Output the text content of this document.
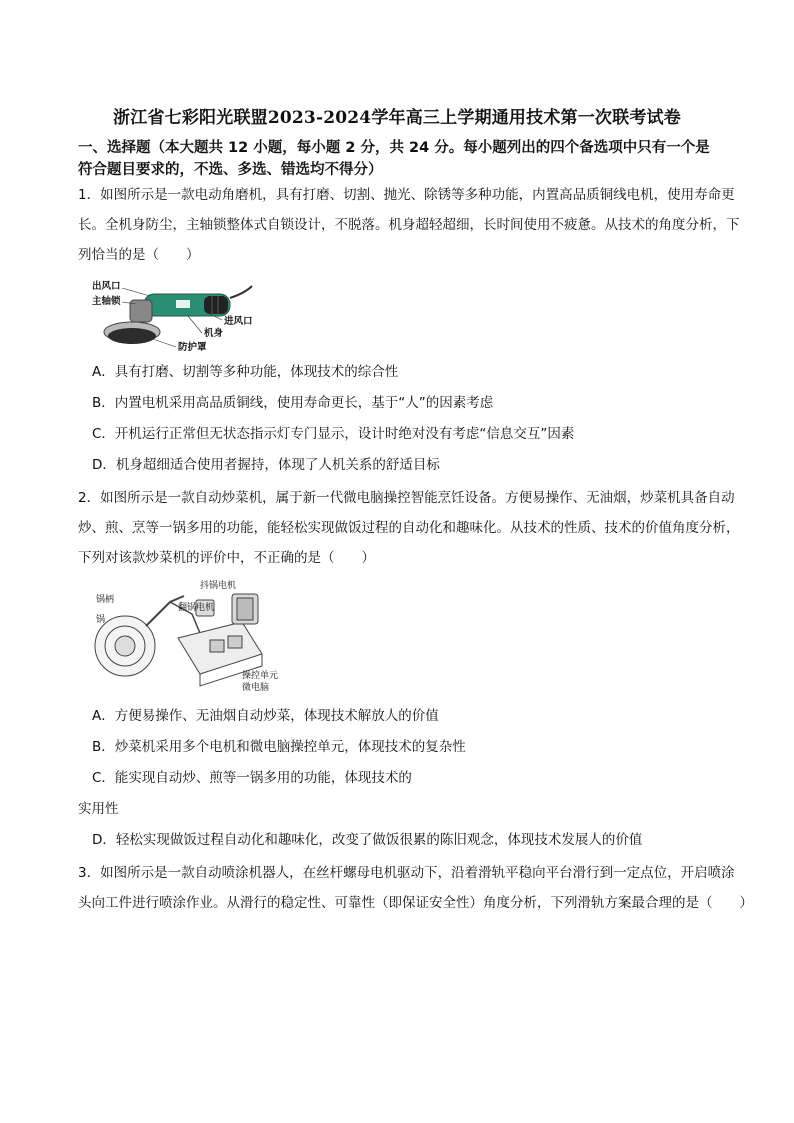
浙江省七彩阳光联盟2023-2024学年高三上学期通用技术第一次联考试卷
一、选择题（本大题共 12 小题，每小题 2 分，共 24 分。每小题列出的四个备选项中只有一个是
符合题目要求的，不选、多选、错选均不得分）
1．如图所示是一款电动角磨机，具有打磨、切割、抛光、除锈等多种功能，内置高品质铜线电机，使用寿命更长。全机身防尘，主轴锁整体式自锁设计，不脱落。机身超轻超细，长时间使用不疲惫。从技术的角度分析，下列恰当的是（　　）
出风口
主轴锁
进风口
机身
防护罩
A．具有打磨、切割等多种功能，体现技术的综合性
B．内置电机采用高品质铜线，使用寿命更长，基于“人”的因素考虑
C．开机运行正常但无状态指示灯专门显示，设计时绝对没有考虑“信息交互”因素
D．机身超细适合使用者握持，体现了人机关系的舒适目标
2．如图所示是一款自动炒菜机，属于新一代微电脑操控智能烹饪设备。方便易操作、无油烟，炒菜机具备自动炒、煎、烹等一锅多用的功能，能轻松实现做饭过程的自动化和趣味化。从技术的性质、技术的价值角度分析，下列对该款炒菜机的评价中，不正确的是（　　）
抖锅电机
翻锅电机
锅柄
锅
操控单元
微电脑
A．方便易操作、无油烟自动炒菜，体现技术解放人的价值
B．炒菜机采用多个电机和微电脑操控单元，体现技术的复杂性
C．能实现自动炒、煎等一锅多用的功能，体现技术的
实用性
D．轻松实现做饭过程自动化和趣味化，改变了做饭很累的陈旧观念，体现技术发展人的价值
3．如图所示是一款自动喷涂机器人，在丝杆螺母电机驱动下，沿着滑轨平稳向平台滑行到一定点位，开启喷涂头向工件进行喷涂作业。从滑行的稳定性、可靠性（即保证安全性）角度分析，下列滑轨方案最合理的是（　　）
